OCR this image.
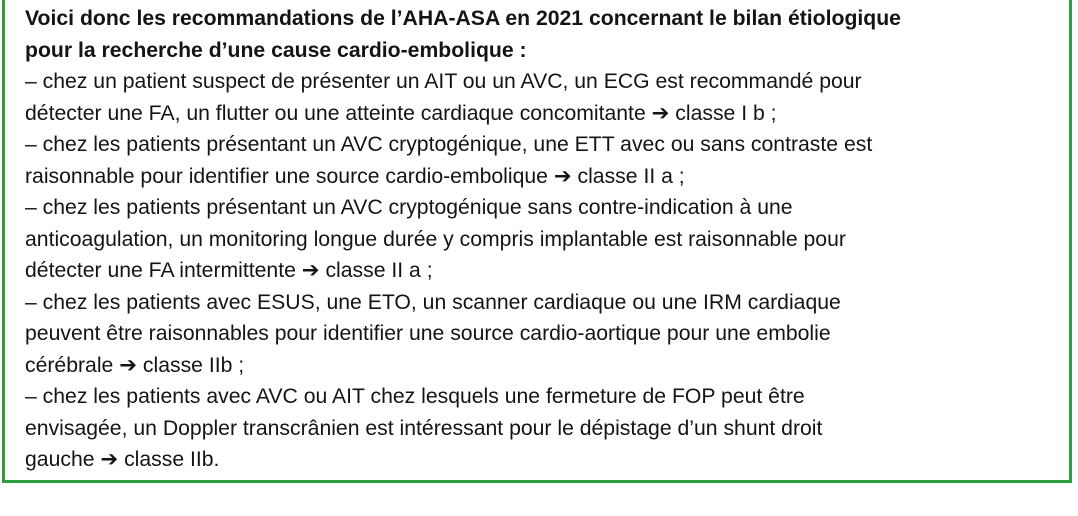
Voici donc les recommandations de l’AHA-ASA en 2021 concernant le bilan étiologique
pour la recherche d’une cause cardio-embolique :
– chez un patient suspect de présenter un AIT ou un AVC, un ECG est recommandé pour
détecter une FA, un flutter ou une atteinte cardiaque concomitante ➔ classe I b ;
– chez les patients présentant un AVC cryptogénique, une ETT avec ou sans contraste est
raisonnable pour identifier une source cardio-embolique ➔ classe II a ;
– chez les patients présentant un AVC cryptogénique sans contre-indication à une
anticoagulation, un monitoring longue durée y compris implantable est raisonnable pour
détecter une FA intermittente ➔ classe II a ;
– chez les patients avec ESUS, une ETO, un scanner cardiaque ou une IRM cardiaque
peuvent être raisonnables pour identifier une source cardio-aortique pour une embolie
cérébrale ➔ classe IIb ;
– chez les patients avec AVC ou AIT chez lesquels une fermeture de FOP peut être
envisagée, un Doppler transcrânien est intéressant pour le dépistage d’un shunt droit
gauche ➔ classe IIb.
